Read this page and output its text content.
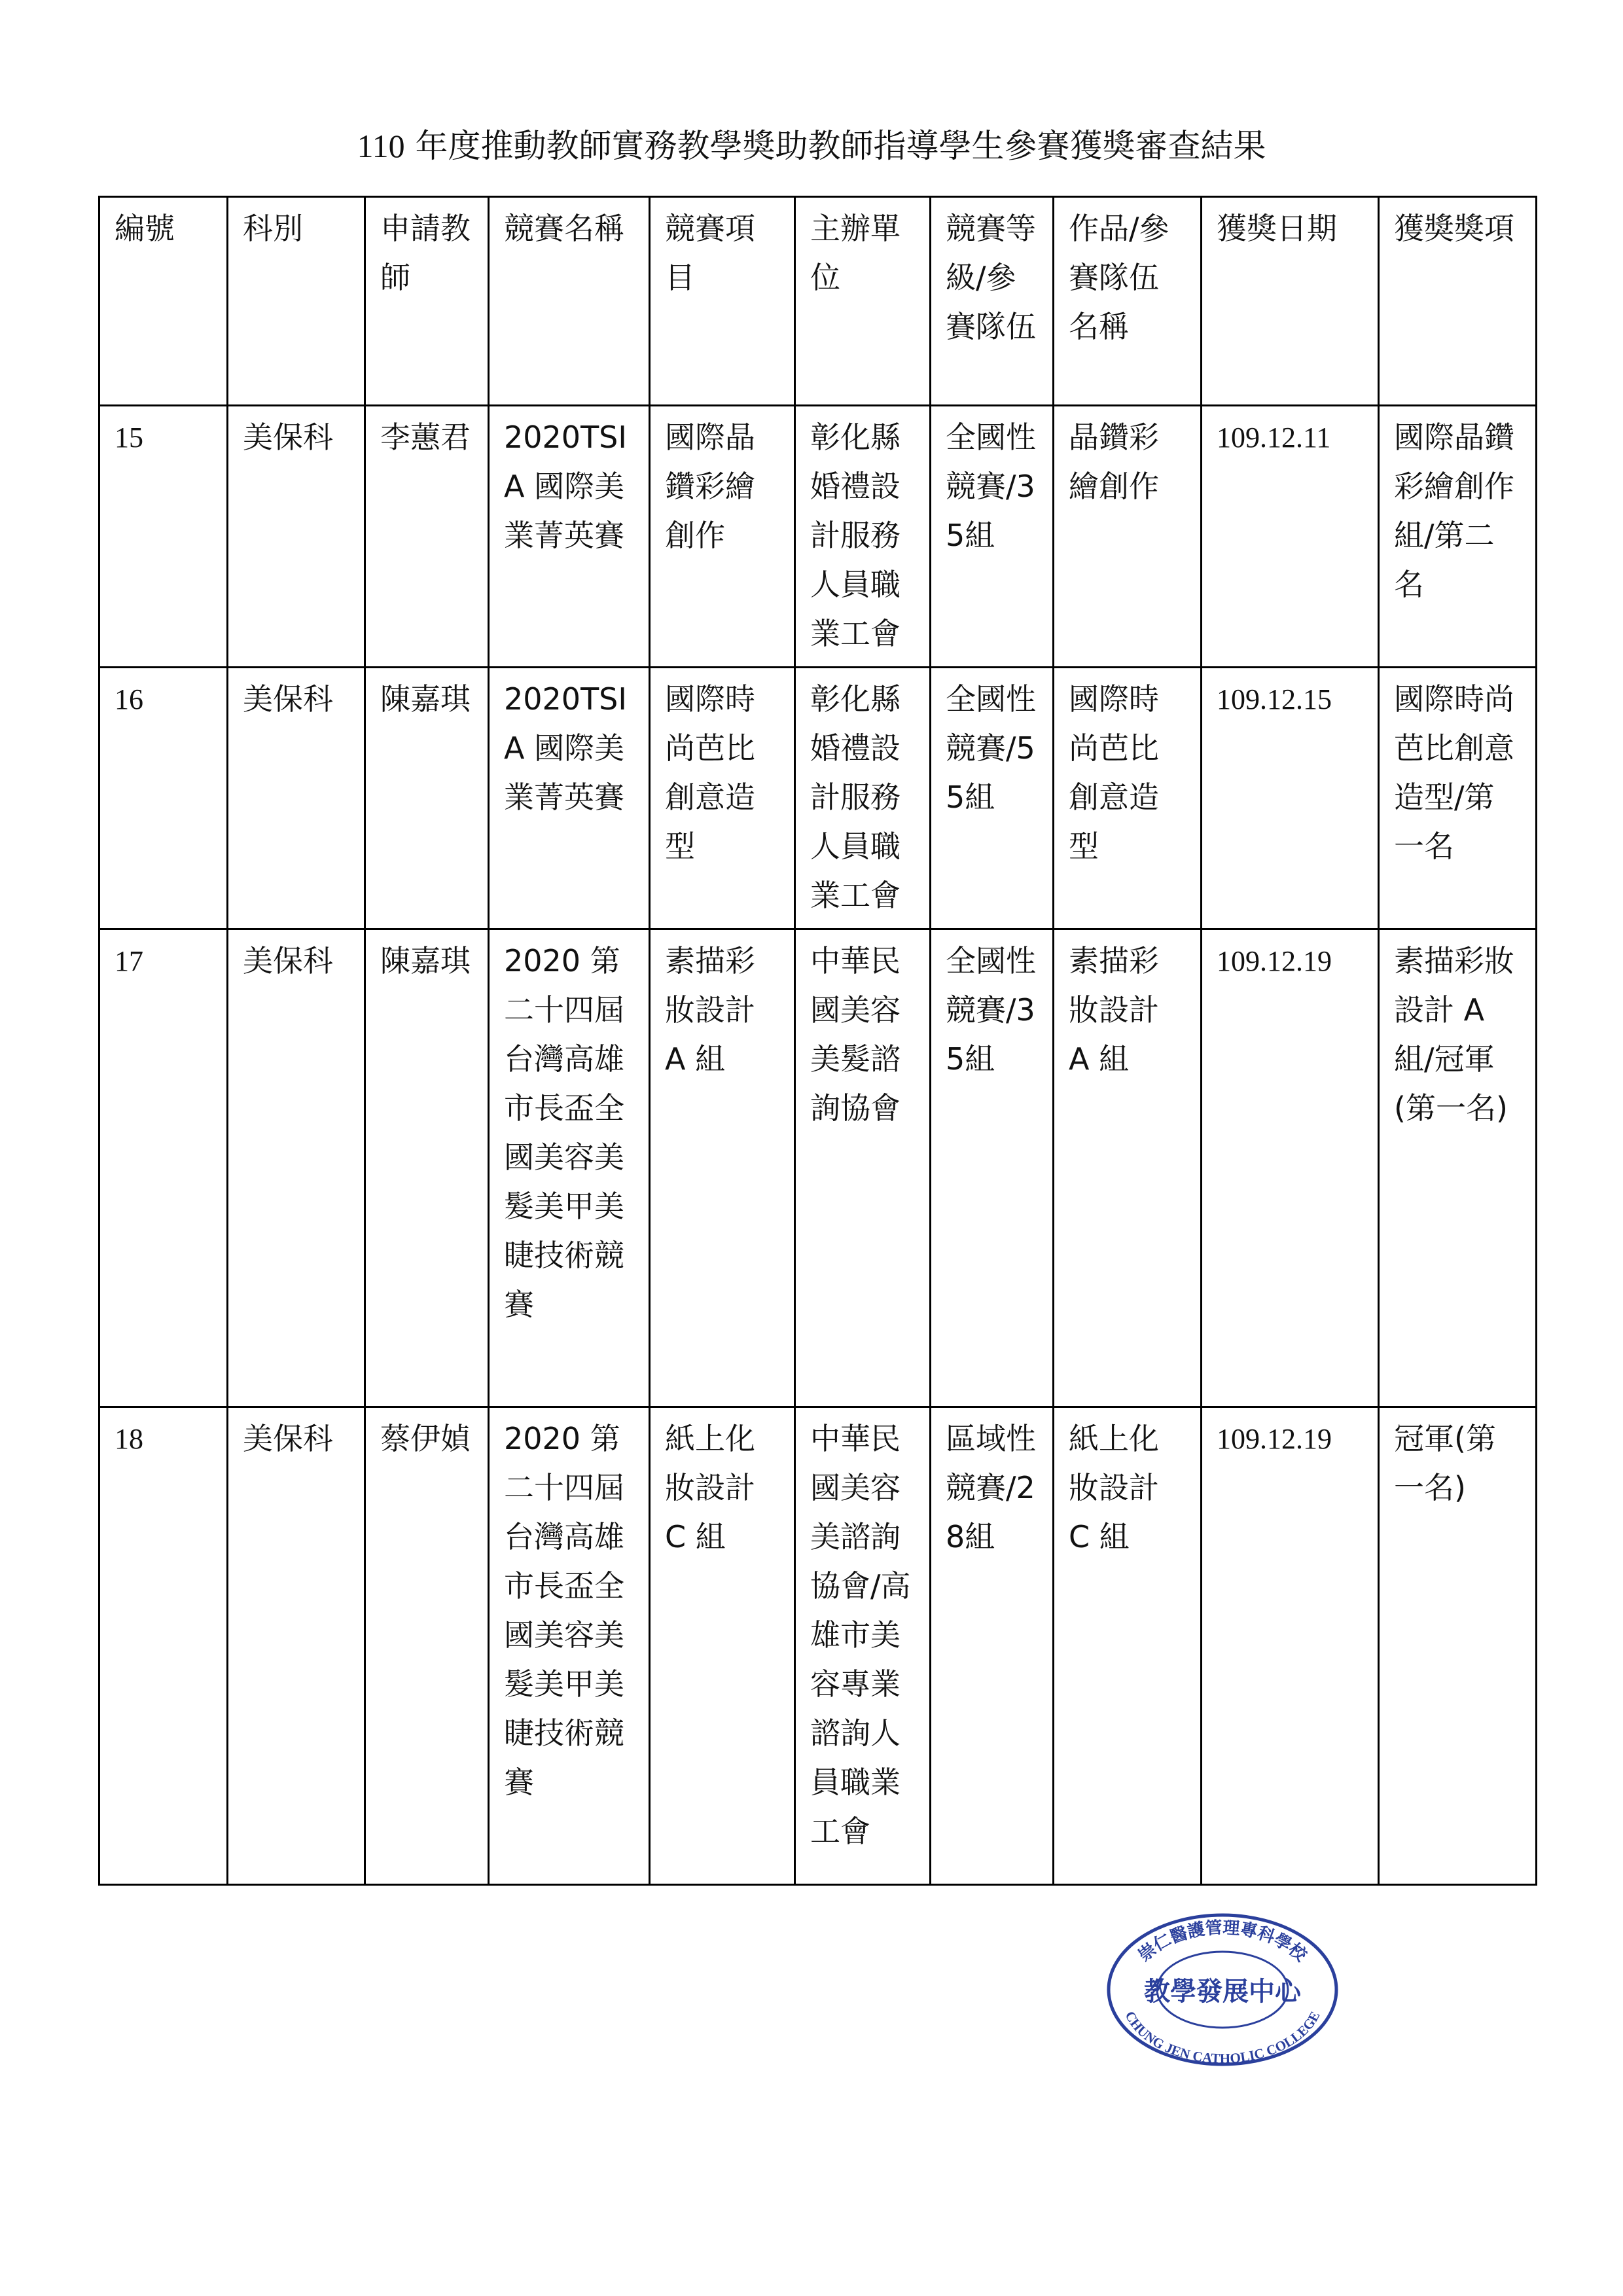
110 年度推動教師實務教學獎助教師指導學生參賽獲獎審查結果
編號	科別	申請教師	競賽名稱	競賽項目	主辦單位	競賽等級/參賽隊伍	作品/參賽隊伍名稱	獲獎日期	獲獎獎項
15	美保科	李蕙君	2020TSIA 國際美業菁英賽	國際晶鑽彩繪創作	彰化縣婚禮設計服務人員職業工會	全國性競賽/35組	晶鑽彩繪創作	109.12.11	國際晶鑽彩繪創作組/第二名
16	美保科	陳嘉琪	2020TSIA 國際美業菁英賽	國際時尚芭比創意造型	彰化縣婚禮設計服務人員職業工會	全國性競賽/55組	國際時尚芭比創意造型	109.12.15	國際時尚芭比創意造型/第一名
17	美保科	陳嘉琪	2020 第二十四屆台灣高雄市長盃全國美容美髮美甲美睫技術競賽	素描彩妝設計 A 組	中華民國美容美髮諮詢協會	全國性競賽/35組	素描彩妝設計 A 組	109.12.19	素描彩妝設計 A 組/冠軍(第一名)
18	美保科	蔡伊媜	2020 第二十四屆台灣高雄市長盃全國美容美髮美甲美睫技術競賽	紙上化妝設計 C 組	中華民國美容美諮詢協會/高雄市美容專業諮詢人員職業工會	區域性競賽/28組	紙上化妝設計 C 組	109.12.19	冠軍(第一名)
崇仁醫護管理專科學校
教學發展中心
CHUNG JEN CATHOLIC COLLEGE
